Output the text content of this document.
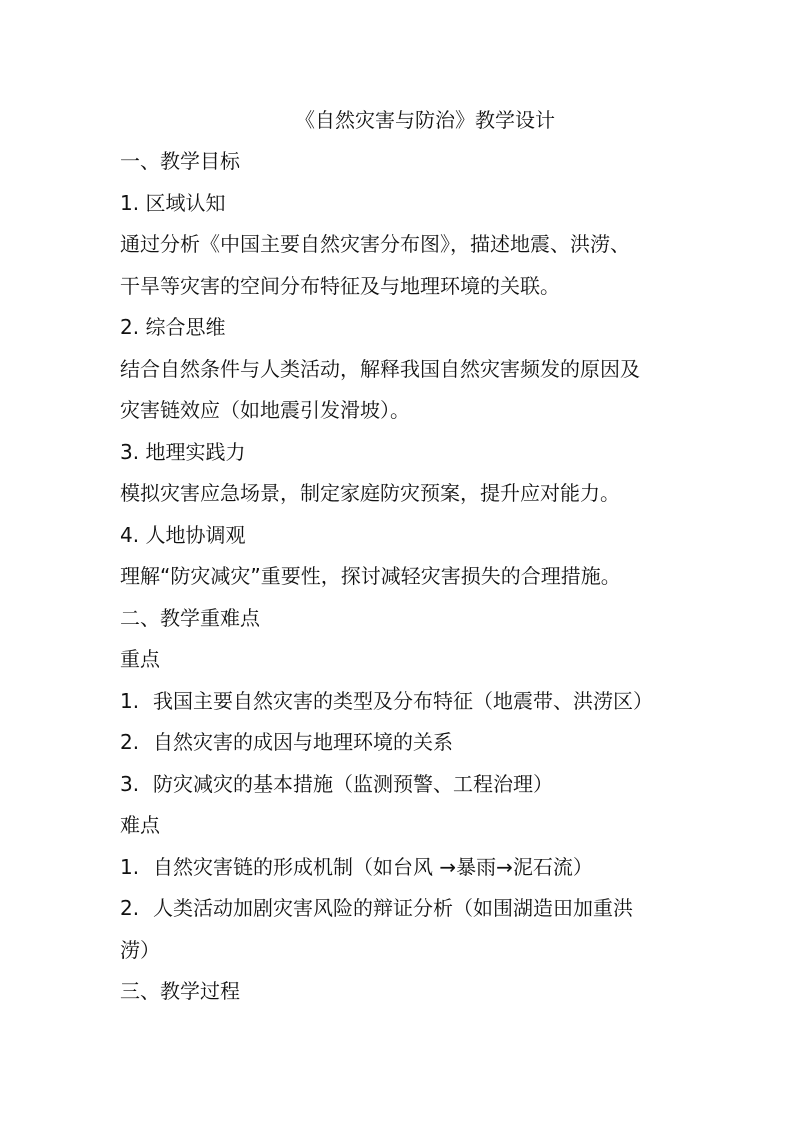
《自然灾害与防治》教学设计

一、教学目标

1. 区域认知

通过分析《中国主要自然灾害分布图》，描述地震、洪涝、

干旱等灾害的空间分布特征及与地理环境的关联。

2. 综合思维

结合自然条件与人类活动，解释我国自然灾害频发的原因及

灾害链效应（如地震引发滑坡）。

3. 地理实践力

模拟灾害应急场景，制定家庭防灾预案，提升应对能力。

4. 人地协调观

理解“防灾减灾”重要性，探讨减轻灾害损失的合理措施。

二、教学重难点

重点

1. 我国主要自然灾害的类型及分布特征（地震带、洪涝区）

2. 自然灾害的成因与地理环境的关系

3. 防灾减灾的基本措施（监测预警、工程治理）

难点

1. 自然灾害链的形成机制（如台风 →暴雨→泥石流）

2. 人类活动加剧灾害风险的辩证分析（如围湖造田加重洪

涝）

三、教学过程
